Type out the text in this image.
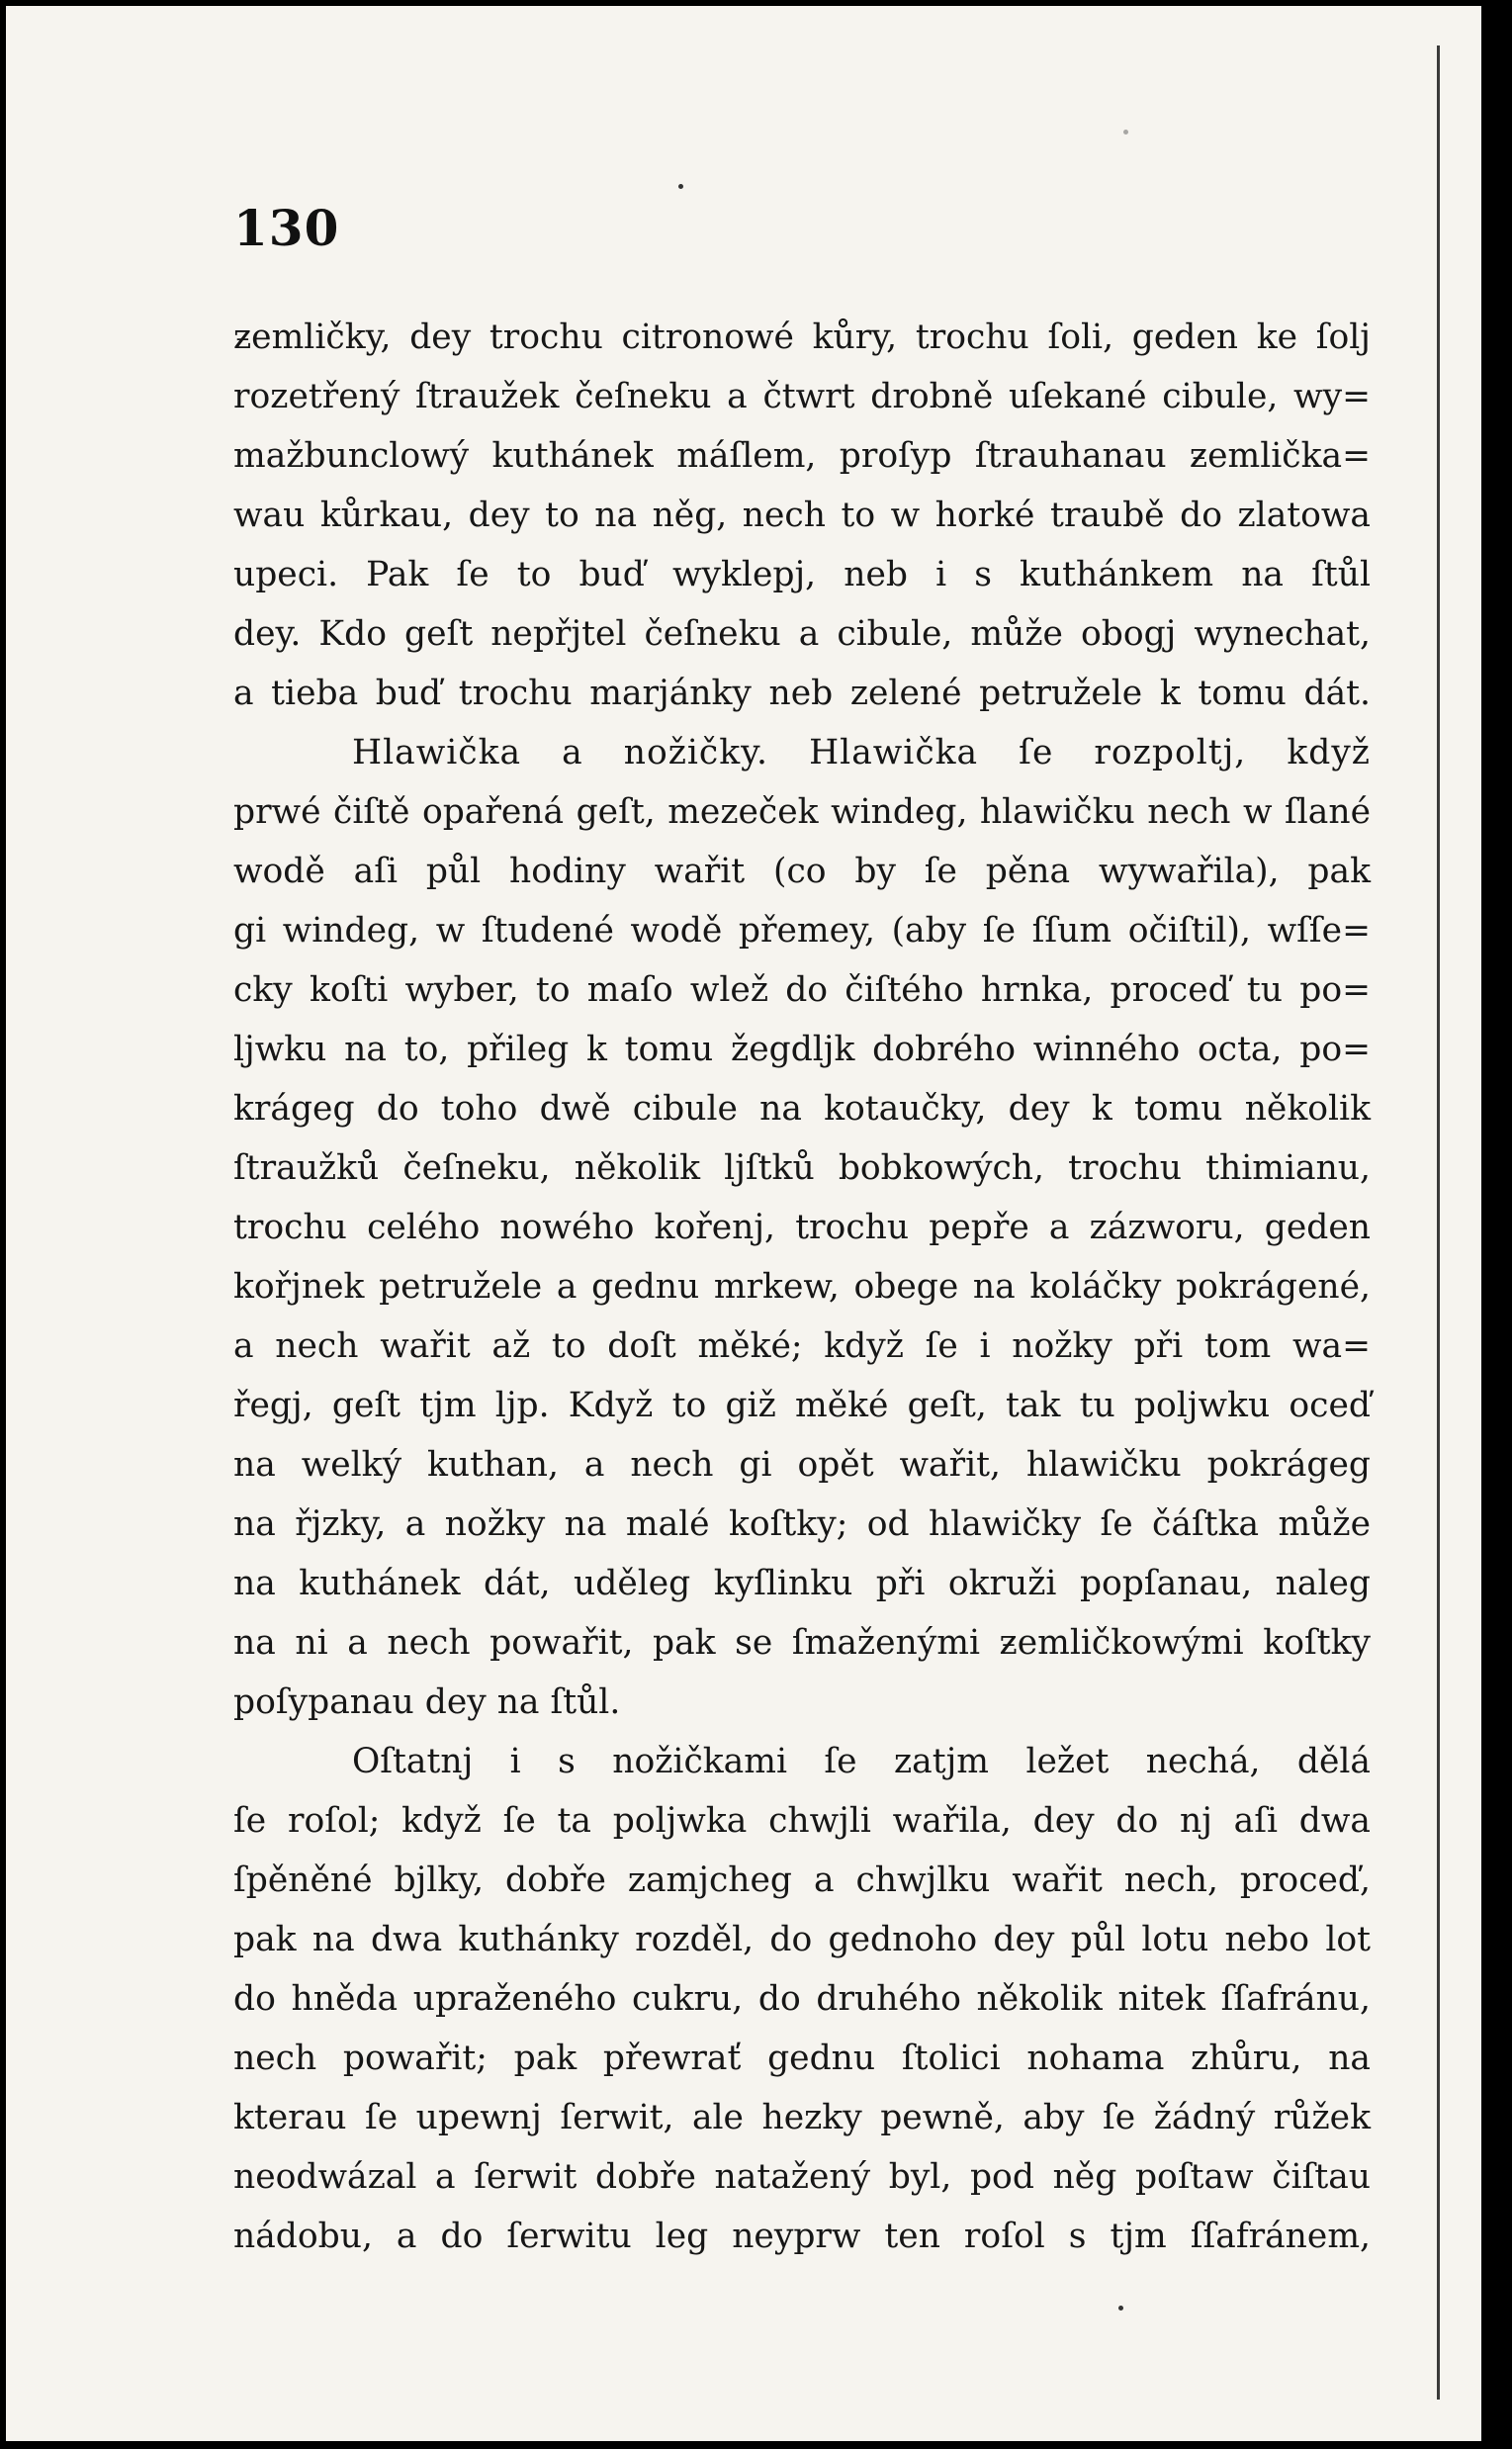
130
ƶemličky, dey trochu citronowé kůry, trochu ſoli, geden ke ſolj
rozetřený ſtraužek čeſneku a čtwrt drobně uſekané cibule, wy=
mažbunclowý kuthánek máſlem, proſyp ſtrauhanau ƶemlička=
wau kůrkau, dey to na něg, nech to w horké traubě do zlatowa
upeci. Pak ſe to buď wyklepj, neb i s kuthánkem na ſtůl
dey. Kdo geſt nepřjtel čeſneku a cibule, může obogj wynechat,
a tieba buď trochu marjánky neb zelené petružele k tomu dát.
Hlawička a nožičky. Hlawička ſe rozpoltj, když
prwé čiſtě opařená geſt, mezeček windeg, hlawičku nech w ſlané
wodě aſi půl hodiny wařit (co by ſe pěna wywařila), pak
gi windeg, w ſtudené wodě přemey, (aby ſe ſſum očiſtil), wſſe=
cky koſti wyber, to maſo wlež do čiſtého hrnka, proceď tu po=
ljwku na to, přileg k tomu žegdljk dobrého winného octa, po=
krágeg do toho dwě cibule na kotaučky, dey k tomu několik
ſtraužků čeſneku, několik ljſtků bobkowých, trochu thimianu,
trochu celého nowého kořenj, trochu pepře a zázworu, geden
kořjnek petružele a gednu mrkew, obege na koláčky pokrágené,
a nech wařit až to doſt měké; když ſe i nožky při tom wa=
řegj, geſt tjm ljp. Když to giž měké geſt, tak tu poljwku oceď
na welký kuthan, a nech gi opět wařit, hlawičku pokrágeg
na řjzky, a nožky na malé koſtky; od hlawičky ſe čáſtka může
na kuthánek dát, uděleg kyſlinku při okruži popſanau, naleg
na ni a nech powařit, pak se ſmaženými ƶemličkowými koſtky
poſypanau dey na ſtůl.
Oſtatnj i s nožičkami ſe zatjm ležet nechá, dělá
ſe roſol; když ſe ta poljwka chwjli wařila, dey do nj aſi dwa
ſpěněné bjlky, dobře zamjcheg a chwjlku wařit nech, proceď,
pak na dwa kuthánky rozděl, do gednoho dey půl lotu nebo lot
do hněda upraženého cukru, do druhého několik nitek ſſafránu,
nech powařit; pak přewrať gednu ſtolici nohama zhůru, na
kterau ſe upewnj ſerwit, ale hezky pewně, aby ſe žádný růžek
neodwázal a ſerwit dobře natažený byl, pod něg poſtaw čiſtau
nádobu, a do ſerwitu leg neyprw ten roſol s tjm ſſafránem,
